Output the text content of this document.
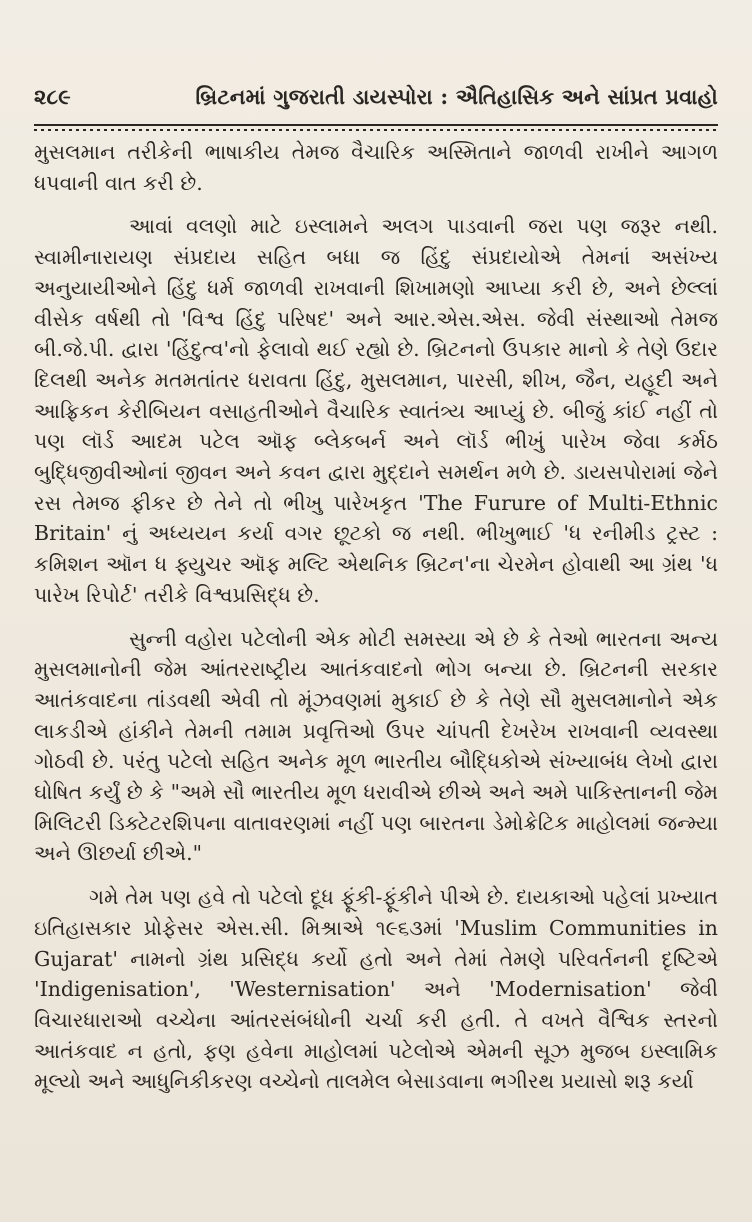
૨૮૯	બ્રિટનમાં ગુજરાતી ડાયસ્પોરા : ઐતિહાસિક અને સાંપ્રત પ્રવાહો

મુસલમાન તરીકેની ભાષાકીય તેમજ વૈચારિક અસ્મિતાને જાળવી રાખીને આગળ ધપવાની વાત કરી છે.

આવાં વલણો માટે ઇસ્લામને અલગ પાડવાની જરા પણ જરૂર નથી. સ્વામીનારાયણ સંપ્રદાય સહિત બધા જ હિંદુ સંપ્રદાયોએ તેમનાં અસંખ્ય અનુયાયીઓને હિંદુ ધર્મ જાળવી રાખવાની શિખામણો આપ્યા કરી છે, અને છેલ્લાં વીસેક વર્ષથી તો 'વિશ્વ હિંદુ પરિષદ' અને આર.એસ.એસ. જેવી સંસ્થાઓ તેમજ બી.જે.પી. દ્વારા 'હિંદુત્વ'નો ફેલાવો થઈ રહ્યો છે. બ્રિટનનો ઉપકાર માનો કે તેણે ઉદાર દિલથી અનેક મતમતાંતર ધરાવતા હિંદુ, મુસલમાન, પારસી, શીખ, જૈન, યહૂદી અને આફ્રિકન કેરીબિયન વસાહતીઓને વૈચારિક સ્વાતંત્ર્ય આપ્યું છે. બીજું કાંઈ નહીં તો પણ લૉર્ડ આદમ પટેલ ઑફ બ્લેકબર્ન અને લૉર્ડ ભીખું પારેખ જેવા કર્મઠ બુદ્ધિજીવીઓનાં જીવન અને કવન દ્વારા મુદ્દાને સમર્થન મળે છે. ડાયસપોરામાં જેને રસ તેમજ ફીકર છે તેને તો ભીખુ પારેખકૃત 'The Furure of Multi-Ethnic Britain' નું અધ્યયન કર્યા વગર છૂટકો જ નથી. ભીખુભાઈ 'ધ રનીમીડ ટ્રસ્ટ : કમિશન ઑન ધ ફ્યુચર ઑફ મલ્ટિ એથનિક બ્રિટન'ના ચેરમેન હોવાથી આ ગ્રંથ 'ધ પારેખ રિપોર્ટ' તરીકે વિશ્વપ્રસિદ્ધ છે.

સુન્ની વહોરા પટેલોની એક મોટી સમસ્યા એ છે કે તેઓ ભારતના અન્ય મુસલમાનોની જેમ આંતરરાષ્ટ્રીય આતંકવાદનો ભોગ બન્યા છે. બ્રિટનની સરકાર આતંકવાદના તાંડવથી એવી તો મૂંઝવણમાં મુકાઈ છે કે તેણે સૌ મુસલમાનોને એક લાકડીએ હાંકીને તેમની તમામ પ્રવૃત્તિઓ ઉપર ચાંપતી દેખરેખ રાખવાની વ્યવસ્થા ગોઠવી છે. પરંતુ પટેલો સહિત અનેક મૂળ ભારતીય બૌદ્ધિકોએ સંખ્યાબંધ લેખો દ્વારા ઘોષિત કર્યું છે કે "અમે સૌ ભારતીય મૂળ ધરાવીએ છીએ અને અમે પાકિસ્તાનની જેમ મિલિટરી ડિક્ટેટરશિપના વાતાવરણમાં નહીં પણ બારતના ડેમોક્રેટિક માહોલમાં જન્મ્યા અને ઊછર્યા છીએ."

ગમે તેમ પણ હવે તો પટેલો દૂધ ફૂંકી-ફૂંકીને પીએ છે. દાયકાઓ પહેલાં પ્રખ્યાત ઇતિહાસકાર પ્રોફેસર એસ.સી. મિશ્રાએ ૧૯૬૩માં 'Muslim Communities in Gujarat' નામનો ગ્રંથ પ્રસિદ્ધ કર્યો હતો અને તેમાં તેમણે પરિવર્તનની દૃષ્ટિએ 'Indigenisation', 'Westernisation' અને 'Modernisation' જેવી વિચારધારાઓ વચ્ચેના આંતરસંબંધોની ચર્ચા કરી હતી. તે વખતે વૈશ્વિક સ્તરનો આતંકવાદ ન હતો, ફણ હવેના માહોલમાં પટેલોએ એમની સૂઝ મુજબ ઇસ્લામિક મૂલ્યો અને આધુનિકીકરણ વચ્ચેનો તાલમેલ બેસાડવાના ભગીરથ પ્રયાસો શરૂ કર્યા
